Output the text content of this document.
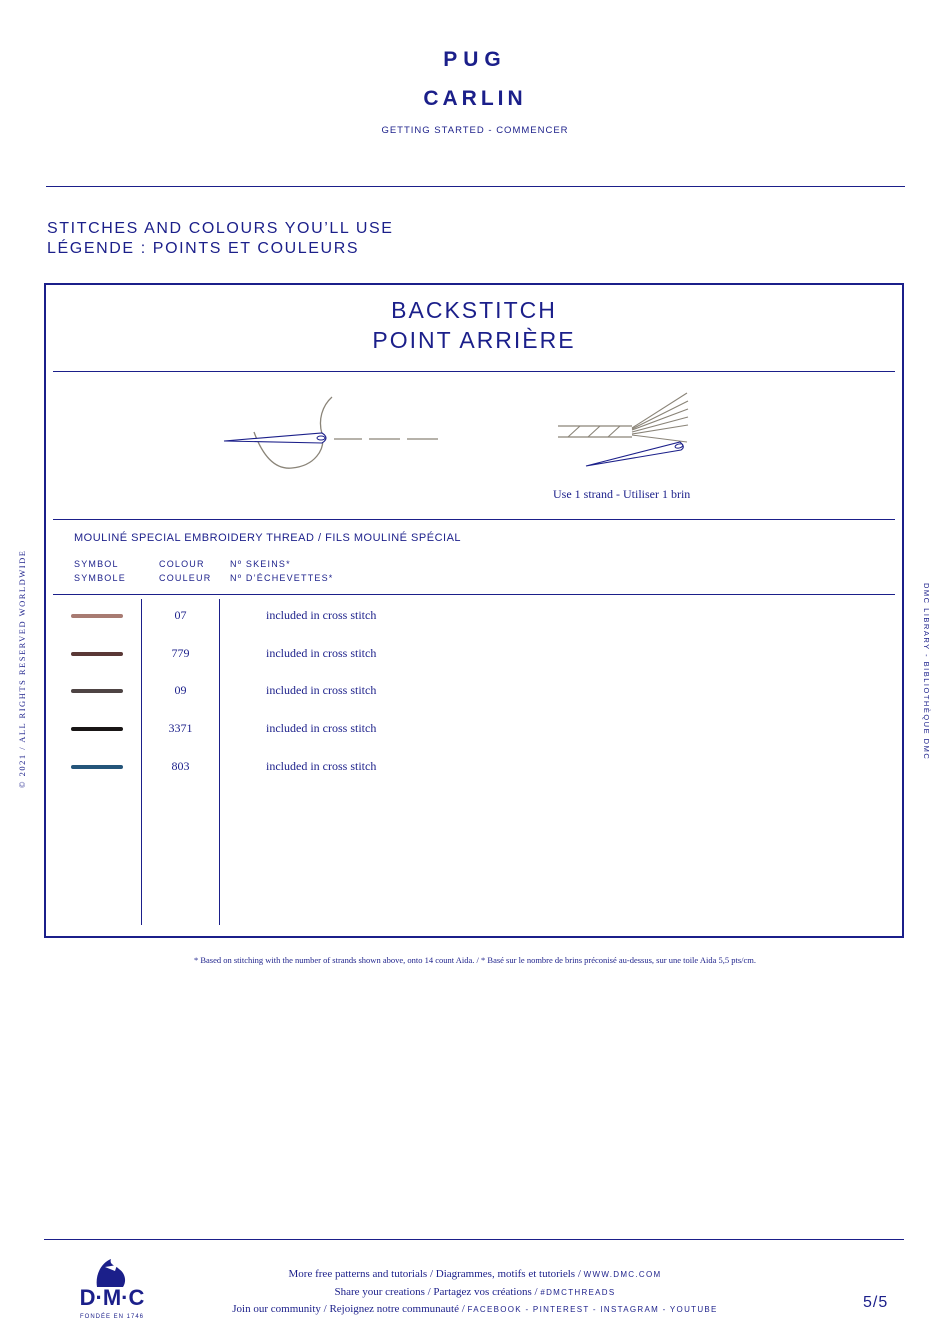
PUG
CARLIN
GETTING STARTED - COMMENCER
STITCHES AND COLOURS YOU’LL USE
LÉGENDE : POINTS ET COULEURS
BACKSTITCH
POINT ARRIÈRE
Use 1 strand - Utiliser 1 brin
MOULINÉ SPECIAL EMBROIDERY THREAD / FILS MOULINÉ SPÉCIAL
SYMBOL
SYMBOLE
COLOUR
COULEUR
Nº SKEINS*
Nº D’ÉCHEVETTES*
07	included in cross stitch
779	included in cross stitch
09	included in cross stitch
3371	included in cross stitch
803	included in cross stitch
* Based on stitching with the number of strands shown above, onto 14 count Aida. / * Basé sur le nombre de brins préconisé au-dessus, sur une toile Aida 5,5 pts/cm.
© 2021 / ALL RIGHTS RESERVED WORLDWIDE	DMC LIBRARY - BIBLIOTHÈQUE DMC
D·M·C
FONDÉE EN 1746
More free patterns and tutorials / Diagrammes, motifs et tutoriels / WWW.DMC.COM
Share your creations / Partagez vos créations / #DMCTHREADS
Join our community / Rejoignez notre communauté / FACEBOOK - PINTEREST - INSTAGRAM - YOUTUBE	5/5
